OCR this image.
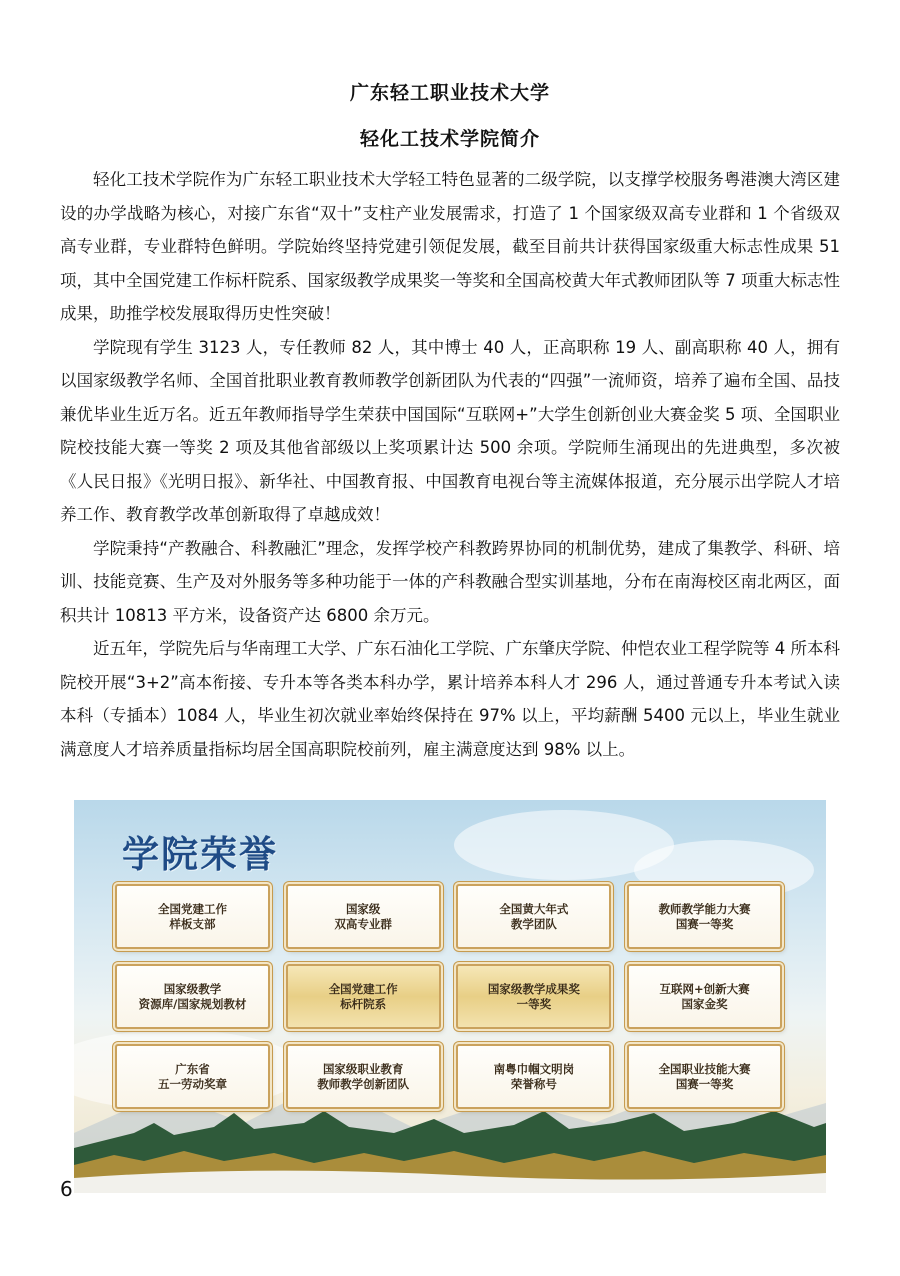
广东轻工职业技术大学
轻化工技术学院简介

轻化工技术学院作为广东轻工职业技术大学轻工特色显著的二级学院，以支撑学校服务粤港澳大湾区建设的办学战略为核心，对接广东省“双十”支柱产业发展需求，打造了 1 个国家级双高专业群和 1 个省级双高专业群，专业群特色鲜明。学院始终坚持党建引领促发展，截至目前共计获得国家级重大标志性成果 51 项，其中全国党建工作标杆院系、国家级教学成果奖一等奖和全国高校黄大年式教师团队等 7 项重大标志性成果，助推学校发展取得历史性突破！

学院现有学生 3123 人，专任教师 82 人，其中博士 40 人，正高职称 19 人、副高职称 40 人，拥有以国家级教学名师、全国首批职业教育教师教学创新团队为代表的“四强”一流师资，培养了遍布全国、品技兼优毕业生近万名。近五年教师指导学生荣获中国国际“互联网+”大学生创新创业大赛金奖 5 项、全国职业院校技能大赛一等奖 2 项及其他省部级以上奖项累计达 500 余项。学院师生涌现出的先进典型，多次被《人民日报》《光明日报》、新华社、中国教育报、中国教育电视台等主流媒体报道，充分展示出学院人才培养工作、教育教学改革创新取得了卓越成效！

学院秉持“产教融合、科教融汇”理念，发挥学校产科教跨界协同的机制优势，建成了集教学、科研、培训、技能竞赛、生产及对外服务等多种功能于一体的产科教融合型实训基地，分布在南海校区南北两区，面积共计 10813 平方米，设备资产达 6800 余万元。

近五年，学院先后与华南理工大学、广东石油化工学院、广东肇庆学院、仲恺农业工程学院等 4 所本科院校开展“3+2”高本衔接、专升本等各类本科办学，累计培养本科人才 296 人，通过普通专升本考试入读本科（专插本）1084 人，毕业生初次就业率始终保持在 97% 以上，平均薪酬 5400 元以上，毕业生就业满意度人才培养质量指标均居全国高职院校前列，雇主满意度达到 98% 以上。

学院荣誉
全国党建工作
样板支部
国家级
双高专业群
全国黄大年式
教学团队
教师教学能力大赛
国赛一等奖
国家级教学
资源库/国家规划教材
全国党建工作
标杆院系
国家级教学成果奖
一等奖
互联网+创新大赛
国家金奖
广东省
五一劳动奖章
国家级职业教育
教师教学创新团队
南粤巾帼文明岗
荣誉称号
全国职业技能大赛
国赛一等奖
6
